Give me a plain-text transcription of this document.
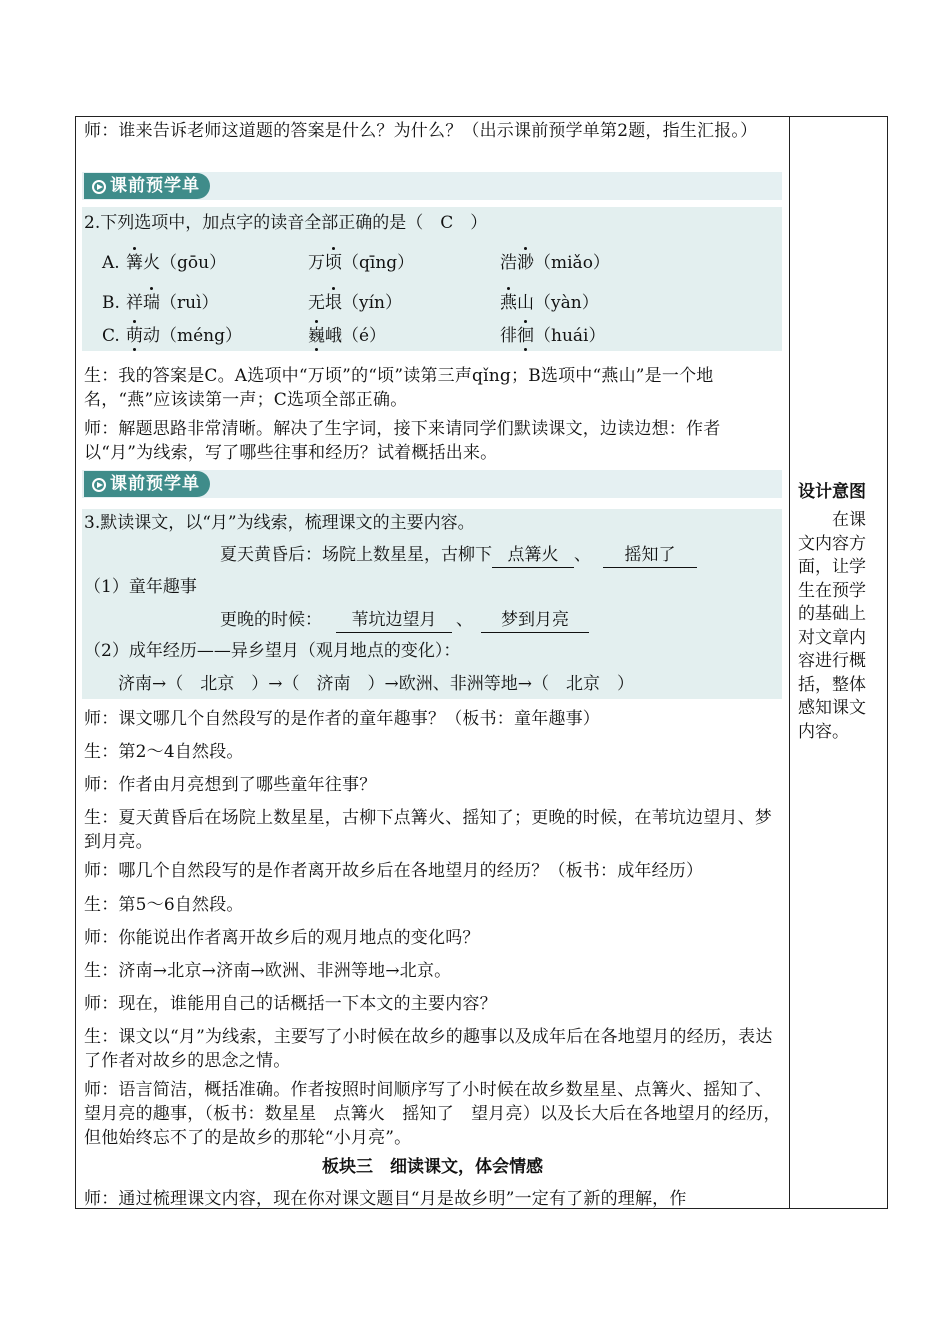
师：谁来告诉老师这道题的答案是什么？为什么？（出示课前预学单第2题，指生汇报。）

课前预学单
2.下列选项中，加点字的读音全部正确的是（　C　）
A. 篝火（gōu）	万顷（qīng）	浩渺（miǎo）
B. 祥瑞（ruì）	无垠（yín）	燕山（yàn）
C. 萌动（méng）	巍峨（é）	徘徊（huái）

生：我的答案是C。A选项中“万顷”的“顷”读第三声qǐng；B选项中“燕山”是一个地名，“燕”应该读第一声；C选项全部正确。

师：解题思路非常清晰。解决了生字词，接下来请同学们默读课文，边读边想：作者以“月”为线索，写了哪些往事和经历？试着概括出来。

课前预学单
3.默读课文，以“月”为线索，梳理课文的主要内容。
夏天黄昏后：场院上数星星，古柳下 点篝火 、 摇知了
（1）童年趣事
更晚的时候： 苇坑边望月 、 梦到月亮
（2）成年经历——异乡望月（观月地点的变化）：
济南→（　北京　）→（　济南　）→欧洲、非洲等地→（　北京　）

师：课文哪几个自然段写的是作者的童年趣事？（板书：童年趣事）

生：第2～4自然段。

师：作者由月亮想到了哪些童年往事？

生：夏天黄昏后在场院上数星星，古柳下点篝火、摇知了；更晚的时候，在苇坑边望月、梦到月亮。

师：哪几个自然段写的是作者离开故乡后在各地望月的经历？（板书：成年经历）

生：第5～6自然段。

师：你能说出作者离开故乡后的观月地点的变化吗？

生：济南→北京→济南→欧洲、非洲等地→北京。

师：现在，谁能用自己的话概括一下本文的主要内容？

生：课文以“月”为线索，主要写了小时候在故乡的趣事以及成年后在各地望月的经历，表达了作者对故乡的思念之情。

师：语言简洁，概括准确。作者按照时间顺序写了小时候在故乡数星星、点篝火、摇知了、望月亮的趣事，（板书：数星星　点篝火　摇知了　望月亮）以及长大后在各地望月的经历，但他始终忘不了的是故乡的那轮“小月亮”。

板块三　细读课文，体会情感

师：通过梳理课文内容，现在你对课文题目“月是故乡明”一定有了新的理解，作

设计意图
　　在课文内容方面，让学生在预学的基础上对文章内容进行概括，整体感知课文内容。
